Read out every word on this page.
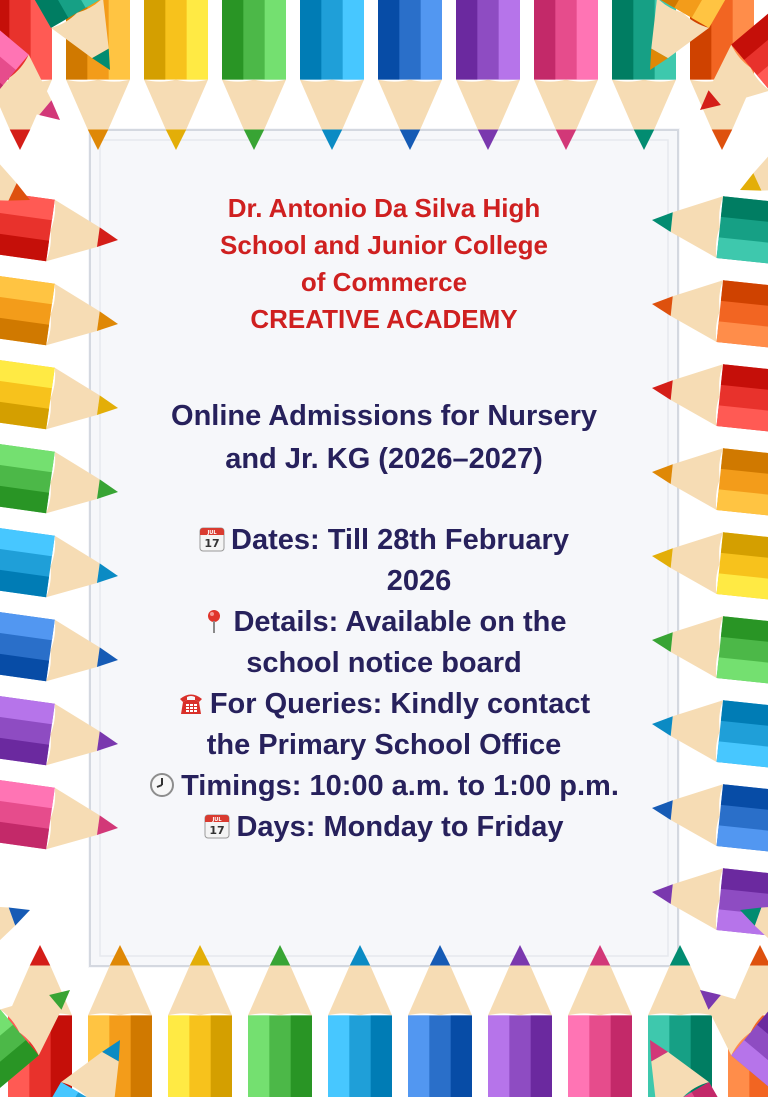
Dr. Antonio Da Silva High
School and Junior College
of Commerce
CREATIVE ACADEMY
Online Admissions for Nursery
and Jr. KG (2026–2027)
JUL
17 Dates: Till 28th February
2026
Details: Available on the
school notice board
For Queries: Kindly contact
the Primary School Office
Timings: 10:00 a.m. to 1:00 p.m.
JUL
17 Days: Monday to Friday
